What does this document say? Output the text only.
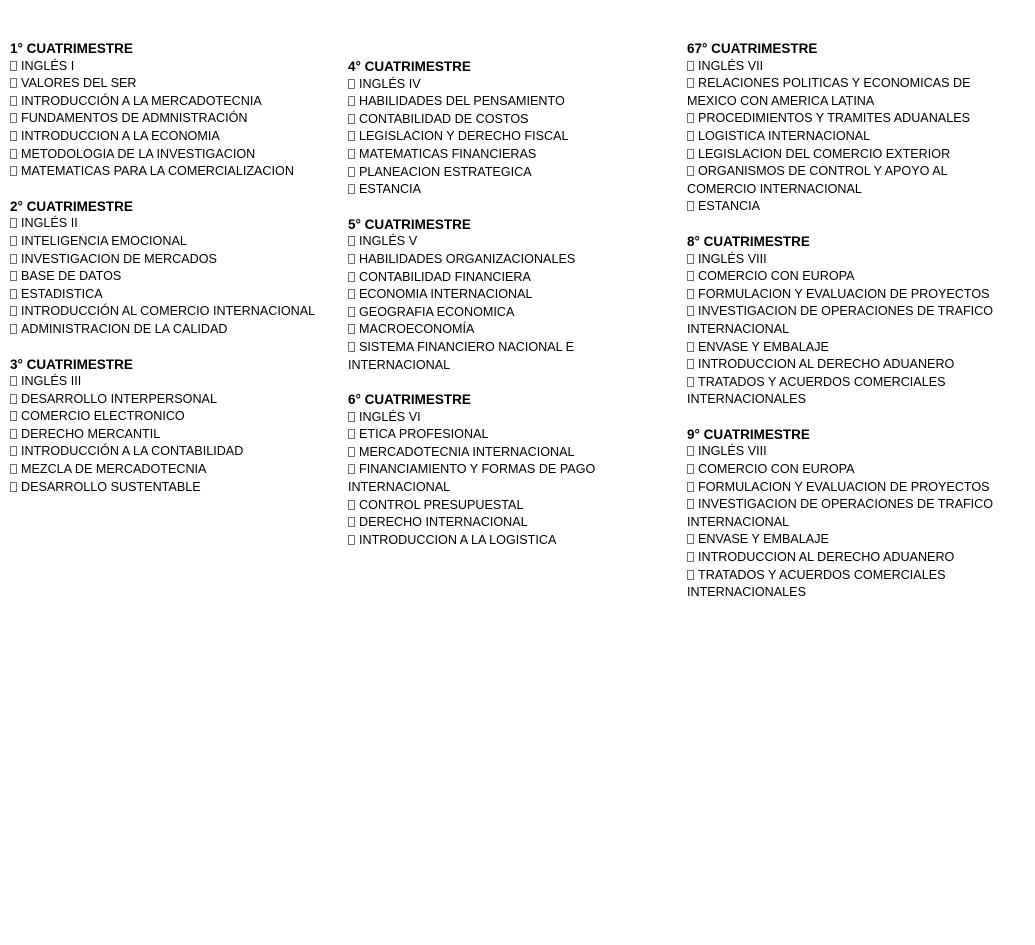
1° CUATRIMESTRE
INGLÉS I
VALORES DEL SER
INTRODUCCIÓN A LA MERCADOTECNIA
FUNDAMENTOS DE ADMNISTRACIÓN
INTRODUCCION A LA ECONOMIA
METODOLOGIA DE LA INVESTIGACION
MATEMATICAS PARA LA COMERCIALIZACION
2° CUATRIMESTRE
INGLÉS II
INTELIGENCIA EMOCIONAL
INVESTIGACION DE MERCADOS
BASE DE DATOS
ESTADISTICA
INTRODUCCIÓN AL COMERCIO INTERNACIONAL
ADMINISTRACION DE LA CALIDAD
3° CUATRIMESTRE
INGLÉS III
DESARROLLO INTERPERSONAL
COMERCIO ELECTRONICO
DERECHO MERCANTIL
INTRODUCCIÓN A LA CONTABILIDAD
MEZCLA DE MERCADOTECNIA
DESARROLLO SUSTENTABLE
4° CUATRIMESTRE
INGLÉS IV
HABILIDADES DEL PENSAMIENTO
CONTABILIDAD DE COSTOS
LEGISLACION Y DERECHO FISCAL
MATEMATICAS FINANCIERAS
PLANEACION ESTRATEGICA
ESTANCIA
5° CUATRIMESTRE
INGLÉS V
HABILIDADES ORGANIZACIONALES
CONTABILIDAD FINANCIERA
ECONOMIA INTERNACIONAL
GEOGRAFIA ECONOMICA
MACROECONOMÍA
SISTEMA FINANCIERO NACIONAL E INTERNACIONAL
6° CUATRIMESTRE
INGLÉS VI
ETICA PROFESIONAL
MERCADOTECNIA INTERNACIONAL
FINANCIAMIENTO Y FORMAS DE PAGO INTERNACIONAL
CONTROL PRESUPUESTAL
DERECHO INTERNACIONAL
INTRODUCCION A LA LOGISTICA
67° CUATRIMESTRE
INGLÉS VII
RELACIONES POLITICAS Y ECONOMICAS DE MEXICO CON AMERICA LATINA
PROCEDIMIENTOS Y TRAMITES ADUANALES
LOGISTICA INTERNACIONAL
LEGISLACION DEL COMERCIO EXTERIOR
ORGANISMOS DE CONTROL Y APOYO AL COMERCIO INTERNACIONAL
ESTANCIA
8° CUATRIMESTRE
INGLÉS VIII
COMERCIO CON EUROPA
FORMULACION Y EVALUACION DE PROYECTOS
INVESTIGACION DE OPERACIONES DE TRAFICO INTERNACIONAL
ENVASE Y EMBALAJE
INTRODUCCION AL DERECHO ADUANERO
TRATADOS Y ACUERDOS COMERCIALES INTERNACIONALES
9° CUATRIMESTRE
INGLÉS VIII
COMERCIO CON EUROPA
FORMULACION Y EVALUACION DE PROYECTOS
INVESTIGACION DE OPERACIONES DE TRAFICO INTERNACIONAL
ENVASE Y EMBALAJE
INTRODUCCION AL DERECHO ADUANERO
TRATADOS Y ACUERDOS COMERCIALES INTERNACIONALES
